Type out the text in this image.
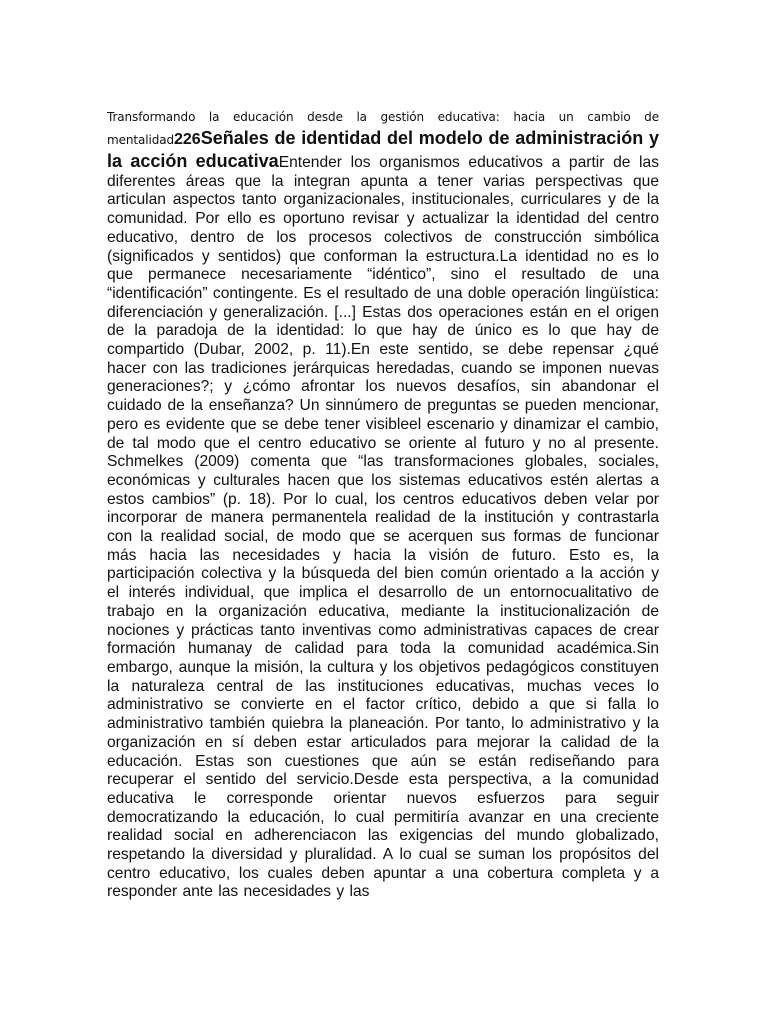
Transformando la educación desde la gestión educativa: hacia un cambio de mentalidad226Señales de identidad del modelo de administración y la acción educativaEntender los organismos educativos a partir de las diferentes áreas que la integran apunta a tener varias perspectivas que articulan aspectos tanto organizacionales, institucionales, curriculares y de la comunidad. Por ello es oportuno revisar y actualizar la identidad del centro educativo, dentro de los procesos colectivos de construcción simbólica (significados y sentidos) que conforman la estructura.La identidad no es lo que permanece necesariamente “idéntico”, sino el resultado de una “identificación” contingente. Es el resultado de una doble operación lingüística: diferenciación y generalización. [...] Estas dos operaciones están en el origen de la paradoja de la identidad: lo que hay de único es lo que hay de compartido (Dubar, 2002, p. 11).En este sentido, se debe repensar ¿qué hacer con las tradiciones jerárquicas heredadas, cuando se imponen nuevas generaciones?; y ¿cómo afrontar los nuevos desafíos, sin abandonar el cuidado de la enseñanza? Un sinnúmero de preguntas se pueden mencionar, pero es evidente que se debe tener visibleel escenario y dinamizar el cambio, de tal modo que el centro educativo se oriente al futuro y no al presente. Schmelkes (2009) comenta que “las transformaciones globales, sociales, económicas y culturales hacen que los sistemas educativos estén alertas a estos cambios” (p. 18). Por lo cual, los centros educativos deben velar por incorporar de manera permanentela realidad de la institución y contrastarla con la realidad social, de modo que se acerquen sus formas de funcionar más hacia las necesidades y hacia la visión de futuro. Esto es, la participación colectiva y la búsqueda del bien común orientado a la acción y el interés individual, que implica el desarrollo de un entornocualitativo de trabajo en la organización educativa, mediante la institucionalización de nociones y prácticas tanto inventivas como administrativas capaces de crear formación humanay de calidad para toda la comunidad académica.Sin embargo, aunque la misión, la cultura y los objetivos pedagógicos constituyen la naturaleza central de las instituciones educativas, muchas veces lo administrativo se convierte en el factor crítico, debido a que si falla lo administrativo también quiebra la planeación. Por tanto, lo administrativo y la organización en sí deben estar articulados para mejorar la calidad de la educación. Estas son cuestiones que aún se están rediseñando para recuperar el sentido del servicio.Desde esta perspectiva, a la comunidad educativa le corresponde orientar nuevos esfuerzos para seguir democratizando la educación, lo cual permitiría avanzar en una creciente realidad social en adherenciacon las exigencias del mundo globalizado, respetando la diversidad y pluralidad. A lo cual se suman los propósitos del centro educativo, los cuales deben apuntar a una cobertura completa y a responder ante las necesidades y las
